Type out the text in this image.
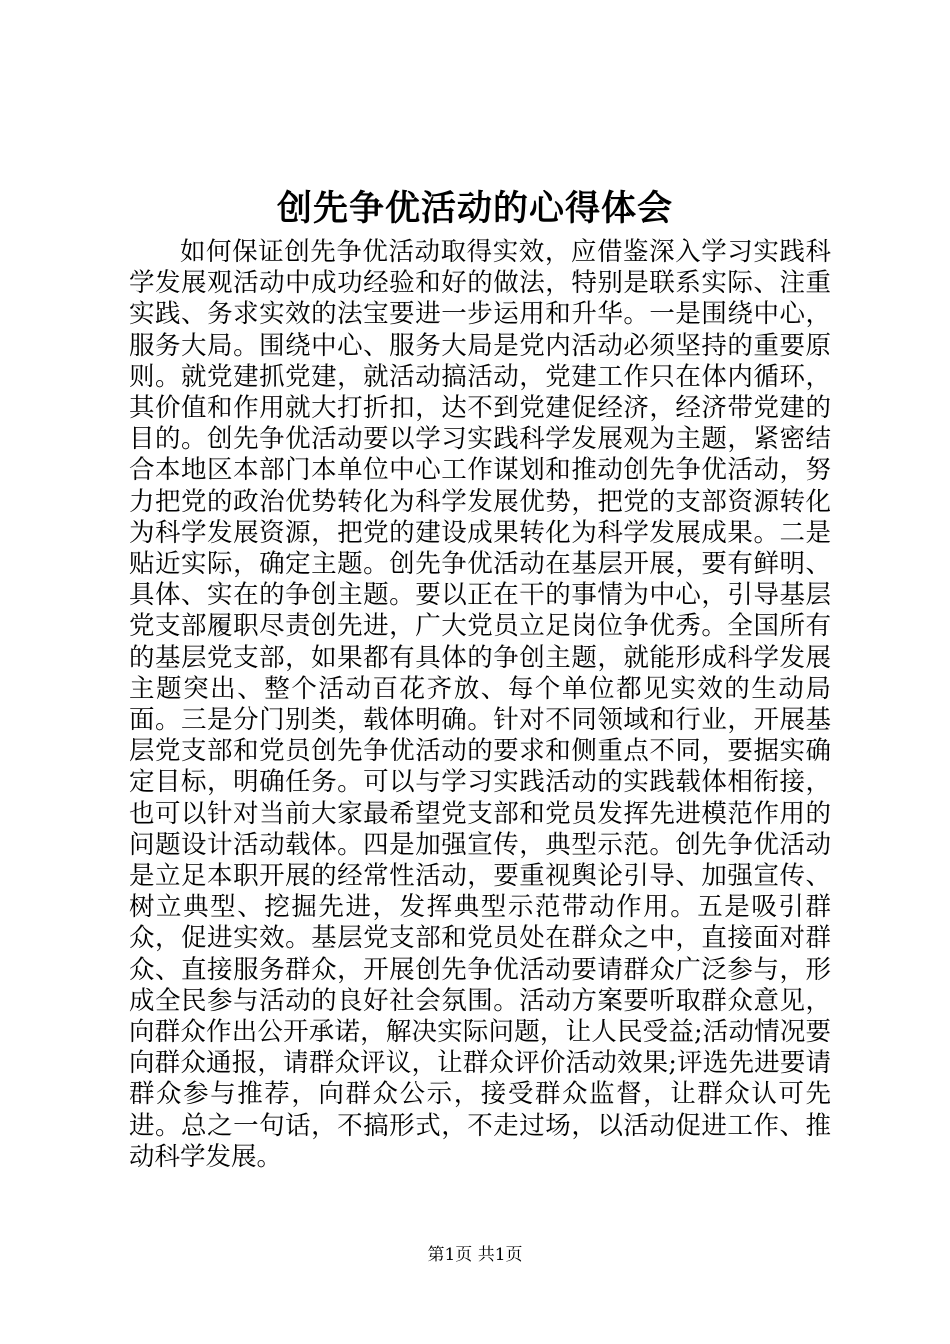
创先争优活动的心得体会

如何保证创先争优活动取得实效，应借鉴深入学习实践科学发展观活动中成功经验和好的做法，特别是联系实际、注重实践、务求实效的法宝要进一步运用和升华。一是围绕中心，服务大局。围绕中心、服务大局是党内活动必须坚持的重要原则。就党建抓党建，就活动搞活动，党建工作只在体内循环，其价值和作用就大打折扣，达不到党建促经济，经济带党建的目的。创先争优活动要以学习实践科学发展观为主题，紧密结合本地区本部门本单位中心工作谋划和推动创先争优活动，努力把党的政治优势转化为科学发展优势，把党的支部资源转化为科学发展资源，把党的建设成果转化为科学发展成果。二是贴近实际，确定主题。创先争优活动在基层开展，要有鲜明、具体、实在的争创主题。要以正在干的事情为中心，引导基层党支部履职尽责创先进，广大党员立足岗位争优秀。全国所有的基层党支部，如果都有具体的争创主题，就能形成科学发展主题突出、整个活动百花齐放、每个单位都见实效的生动局面。三是分门别类，载体明确。针对不同领域和行业，开展基层党支部和党员创先争优活动的要求和侧重点不同，要据实确定目标，明确任务。可以与学习实践活动的实践载体相衔接，也可以针对当前大家最希望党支部和党员发挥先进模范作用的问题设计活动载体。四是加强宣传，典型示范。创先争优活动是立足本职开展的经常性活动，要重视舆论引导、加强宣传、树立典型、挖掘先进，发挥典型示范带动作用。五是吸引群众，促进实效。基层党支部和党员处在群众之中，直接面对群众、直接服务群众，开展创先争优活动要请群众广泛参与，形成全民参与活动的良好社会氛围。活动方案要听取群众意见，向群众作出公开承诺，解决实际问题，让人民受益;活动情况要向群众通报，请群众评议，让群众评价活动效果;评选先进要请群众参与推荐，向群众公示，接受群众监督，让群众认可先进。总之一句话，不搞形式，不走过场，以活动促进工作、推动科学发展。

第1页 共1页
